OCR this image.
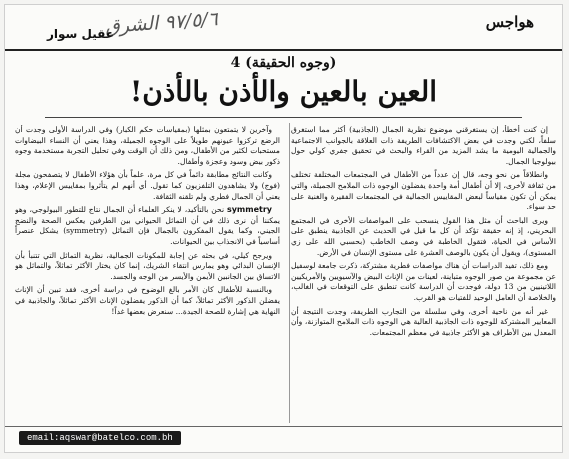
هواجس
٩٧/٥/٦ الشرق
عقيل سوار
(وجوه الحقيقة) 4
العين بالعين والأذن بالأذن!

إن كنت أخطأ، إن يستغرقني موضوع نظرية الجمال (الجاذبية) أكثر مما استغرق سلفاً، لكني وجدت في بعض الاكتشافات الطريفة ذات العلاقة بالجوانب الاجتماعية والجمالية اليومية ما يشد المزيد من القراء والبحث في تحقيق جفري كولي حول بيولوجيا الجمال.

وانطلاقاً من نحو وجه، قال إن عدداً من الأطفال في المجتمعات المختلفة تختلف من ثقافة لأخرى، إلا أن أطفال أمة واحدة يفضلون الوجوه ذات الملامح الجميلة، والتي يمكن أن تكون مقياساً لبعض المقاييس الجمالية في المجتمعات الفقيرة والغنية على حد سواء.

ويرى الباحث أن مثل هذا القول ينسحب على المواصفات الأخرى في المجتمع البحريني، إذ إنه حقيقة تؤكد أن كل ما قيل في الحديث عن الجاذبية ينطبق على الأساس في الحياة، فتقول الخاطبة في وصف الخاطب (بحسبي الله على زي المستوى)، ويقول أن يكون بالوصف العشرة على مستوى الإنسان في الأرض.

ومع ذلك، تفيد الدراسات أن هناك مواصفات فطرية مشتركة، ذكرت جامعة لوسفيل عن مجموعة من صور الوجوه متباينة، لعينات من الإناث البيض والآسيويين والأمريكيين اللاتينيين من 13 دولة، فوجدت أن الدراسة كانت تنطبق على التوقعات في الغالب، والخلاصة أن العامل الوحيد للفتيات هو القرب.

غير أنه من ناحية أخرى، وفي سلسلة من التجارب الطريفة، وجدت النتيجة أن المعايير المشتركة للوجوه ذات الجاذبية العالية هي الوجوه ذات الملامح المتوازنة، وأن المعدل بين الأطراف هو الأكثر جاذبية في معظم المجتمعات.

وآخرين لا يتمتعون بمثلها (بمقياسات حكم الكبار) وفي الدراسة الأولى وجدت أن الرضع تركزوا عيونهم طويلاً على الوجوه الجميلة، وهذا يعني أن النساء البيضاوات مستحبات لكثير من الأطفال، ومن ذلك أن الوقت وفي تحليل التجربة مستخدمة وجوه ذكور بيض وسود وعجزة وأطفال.

وكانت النتائج مطابقة دائماً في كل مرة، علماً بأن هؤلاء الأطفال لا يتصفحون مجلة (فوج) ولا يشاهدون التلفزيون كما تقول. أي أنهم لم يتأثروا بمقاييس الإعلام، وهذا يعني أن الجمال فطري ولم تلقنه الثقافة.

symmetry نحن بالتأكيد، لا ينكر العلماء أن الجمال نتاج للتطور البيولوجي، وهو يمكننا أن نرى ذلك في أن التماثل الحيواني بين الطرفين يعكس الصحة والنضج الجيني، وكما يقول المفكرون بالجمال فإن التماثل (symmetry) يشكل عنصراً أساسياً في الانجذاب بين الحيوانات.

ويرجح كيلي، في بحثه عن إجابة للمكونات الجمالية، نظرية التماثل التي تتنبأ بأن الإنسان البدائي وهو يمارس انتقاء الشريك، إنما كان يختار الأكثر تماثلاً، والتماثل هو الاتساق بين الجانبين الأيمن والأيسر من الوجه والجسد.

وبالنسبة للأطفال كان الأمر بالغ الوضوح في دراسة أخرى، فقد تبين أن الإناث يفضلن الذكور الأكثر تماثلاً، كما أن الذكور يفضلون الإناث الأكثر تماثلاً، والجاذبية في النهاية هي إشارة للصحة الجيدة... سنعرض بعضها غداً!

email:aqswar@batelco.com.bh
